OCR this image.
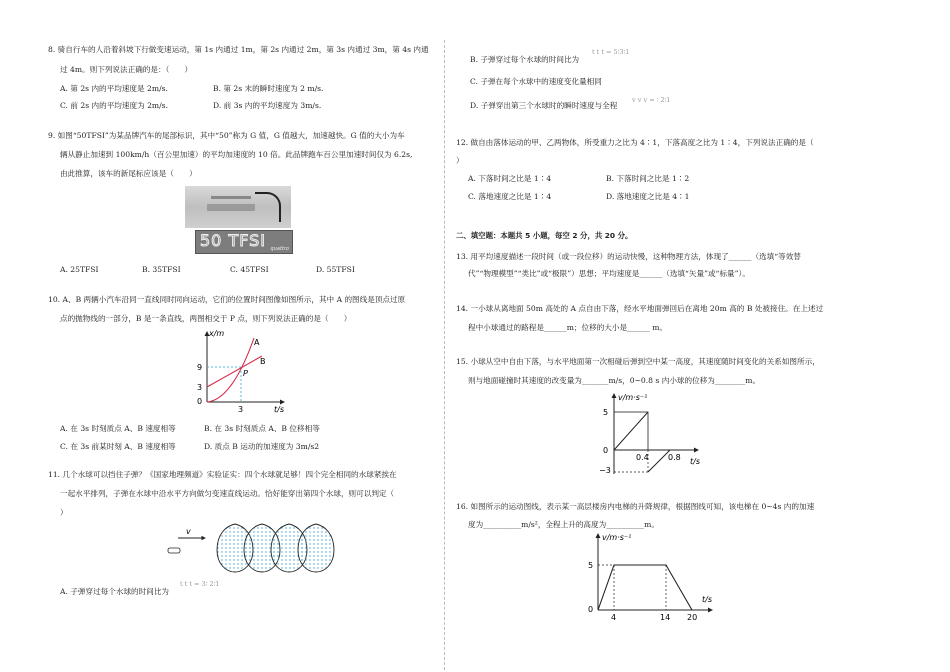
8. 骑自行车的人沿着斜坡下行做变速运动，第 1s 内通过 1m，第 2s 内通过 2m，第 3s 内通过 3m，第 4s 内通
过 4m。则下列说法正确的是：（　　）
A. 第 2s 内的平均速度是 2m/s.	B. 第 2s 末的瞬时速度为 2 m/s.
C. 前 2s 内的平均速度为 2m/s.	D. 前 3s 内的平均速度为 3m/s.
9. 如图“50TFSI”为某品牌汽车的尾部标识，其中“50”称为 G 值，G 值越大，加速越快。G 值的大小为车
辆从静止加速到 100km/h（百公里加速）的平均加速度的 10 倍。此品牌跑车百公里加速时间仅为 6.2s,
由此推算，该车的新尾标应该是（　　）
50 TFSI quattro
A. 25TFSI	B. 35TFSI	C. 45TFSI	D. 55TFSI
10. A、B 两辆小汽车沿同一直线同时同向运动，它们的位置时间图像如图所示，其中 A 的图线是顶点过原
点的抛物线的一部分，B 是一条直线，两图相交于 P 点，则下列说法正确的是（　　）
x/m
t/s
9
3
0
3
A
B
P
A. 在 3s 时刻质点 A、B 速度相等	B. 在 3s 时刻质点 A、B 位移相等
C. 在 3s 前某时刻 A、B 速度相等	D. 质点 B 运动的加速度为 3m/s2
11. 几个水球可以挡住子弹？《国家地理频道》实验证实：四个水球就足够！四个完全相同的水球紧挨在
一起水平排列，子弹在水球中沿水平方向做匀变速直线运动。恰好能穿出第四个水球，则可以判定（
）
v
A. 子弹穿过每个水球的时间比为
t t t = 3∶ 2∶1
B. 子弹穿过每个水球的时间比为
t t t = 5∶3∶1
C. 子弹在每个水球中的速度变化量相同
D. 子弹穿出第三个水球时的瞬时速度与全程
v v v = ∶ 2∶1
12. 做自由落体运动的甲、乙两物体，所受重力之比为 4∶1，下落高度之比为 1∶4，下列说法正确的是（
）
A. 下落时间之比是 1∶4	B. 下落时间之比是 1∶2
C. 落地速度之比是 1∶4	D. 落地速度之比是 4∶1
二、填空题：本题共 5 小题，每空 2 分，共 20 分。
13. 用平均速度描述一段时间（或一段位移）的运动快慢，这种物理方法，体现了______（选填“等效替
代”“物理模型”“类比”或“极限”）思想；平均速度是______（选填“矢量”或“标量”）。
14. 一小球从离地面 50m 高处的 A 点自由下落，经水平地面弹回后在离地 20m 高的 B 处被接住。在上述过
程中小球通过的路程是______m；位移的大小是______ m。
15. 小球从空中自由下落，与水平地面第一次相碰后弹到空中某一高度，其速度随时间变化的关系如图所示，
则与地面碰撞时其速度的改变量为_______m/s，0~0.8 s 内小球的位移为________m。
v/m·s⁻¹
t/s
5
0
−3
0.4 0.8
16. 如图所示的运动图线，表示某一高层楼房内电梯的升降规律，根据图线可知，该电梯在 0~4s 内的加速
度为__________m/s²，全程上升的高度为__________m。
v/m·s⁻¹
t/s
5
0
4	14 20
